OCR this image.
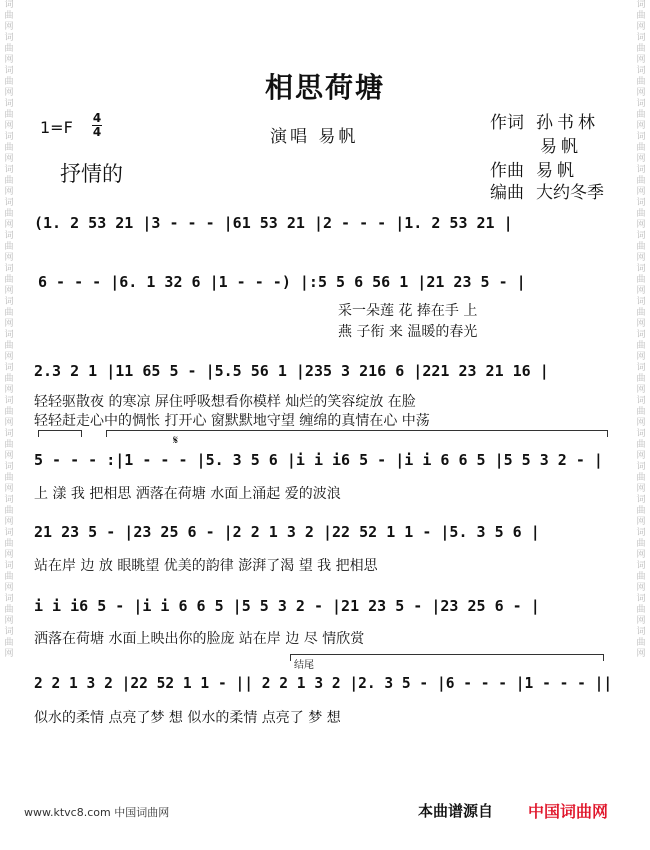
词曲网词曲网词曲网词曲网词曲网词曲网词曲网词曲网词曲网词曲网词曲网词曲网词曲网词曲网词曲网词曲网词曲网词曲网词曲网词曲网
词曲网词曲网词曲网词曲网词曲网词曲网词曲网词曲网词曲网词曲网词曲网词曲网词曲网词曲网词曲网词曲网词曲网词曲网词曲网词曲网
相思荷塘
1=F 4
4	演唱 易帆
抒情的
作词 孙书林
易帆
作曲 易帆
编曲 大约冬季
(1. 2 53 21 |3 - - - |61 53 21 |2 - - - |1. 2 53 21 |
6 - - - |6. 1 32 6 |1 - - -) |:5 5 6 56 1 |21 23 5 - |
采一朵莲 花 捧在手 上
燕 子衔 来 温暖的春光
2.3 2 1 |11 65 5 - |5.5 56 1 |235 3 216 6 |221 23 21 16 |
轻轻驱散夜 的寒凉 屏住呼吸想看你模样 灿烂的笑容绽放 在脸
轻轻赶走心中的惆怅 打开心 窗默默地守望 缠绵的真情在心 中荡
𝄋
5 - - - :|1 - - - |5. 3 5 6 |i i i6 5 - |i i 6 6 5 |5 5 3 2 - |
上 漾 我 把相思 洒落在荷塘 水面上涌起 爱的波浪
21 23 5 - |23 25 6 - |2 2 1 3 2 |22 52 1 1 - |5. 3 5 6 |
站在岸 边 放 眼眺望 优美的韵律 澎湃了渴 望 我 把相思
i i i6 5 - |i i 6 6 5 |5 5 3 2 - |21 23 5 - |23 25 6 - |
洒落在荷塘 水面上映出你的脸庞 站在岸 边 尽 情欣赏
结尾
2 2 1 3 2 |22 52 1 1 - || 2 2 1 3 2 |2. 3 5 - |6 - - - |1 - - - ||
似水的柔情 点亮了梦 想 似水的柔情 点亮了 梦 想
www.ktvc8.com 中国词曲网	本曲谱源自 中国词曲网
